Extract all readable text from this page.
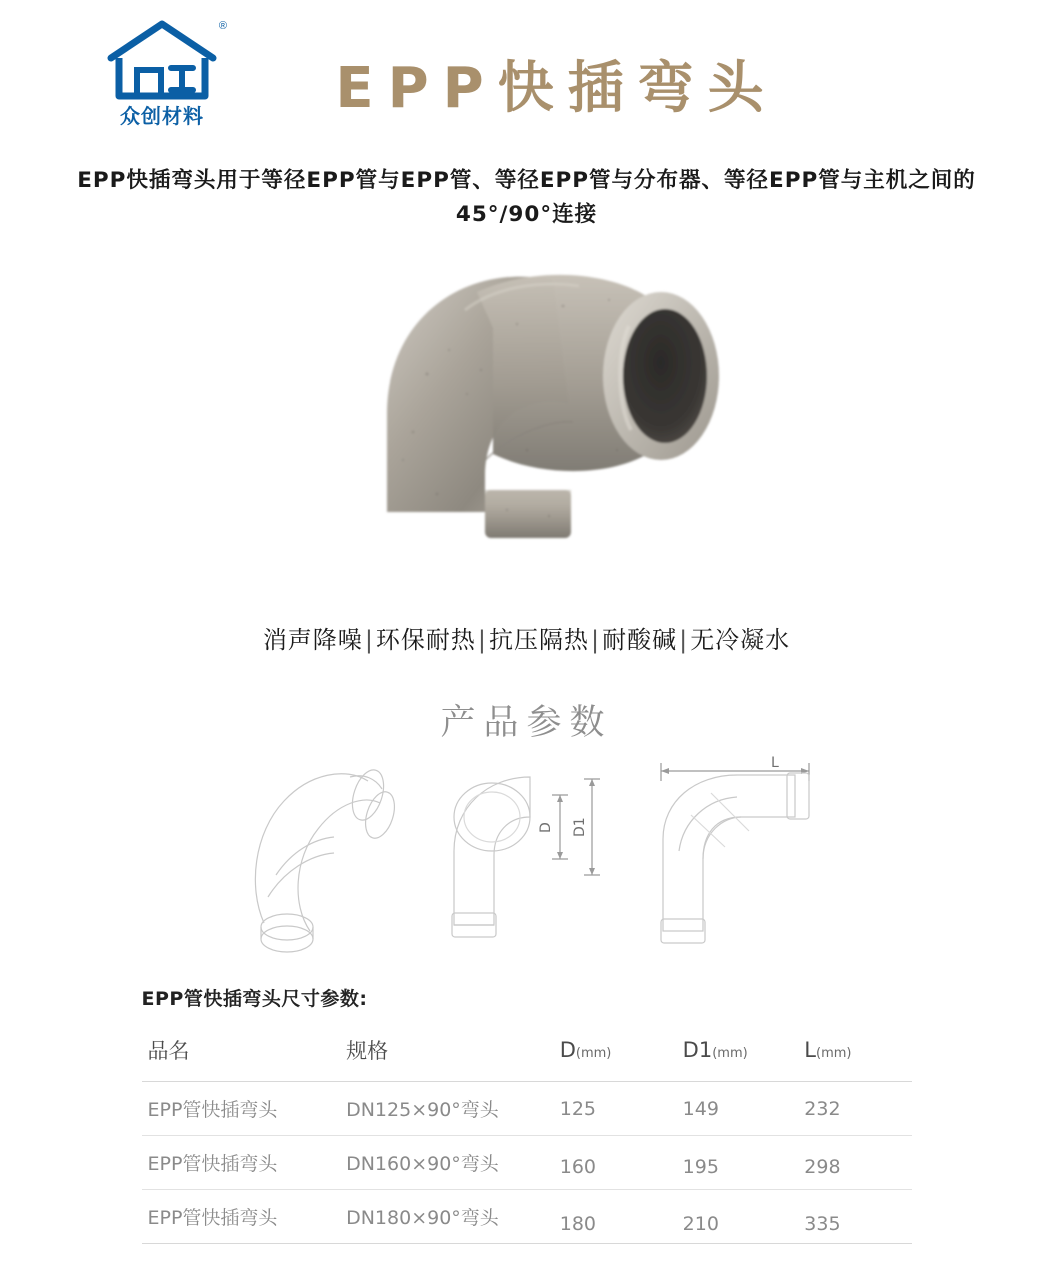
®
众创材料	EPP快插弯头
EPP快插弯头用于等径EPP管与EPP管、等径EPP管与分布器、等径EPP管与主机之间的45°/90°连接
消声降噪|环保耐热|抗压隔热|耐酸碱|无冷凝水
产品参数
D D1
L
EPP管快插弯头尺寸参数:
品名	规格	D(mm)	D1(mm)	L(mm)
EPP管快插弯头	DN125×90°弯头	125	149	232
EPP管快插弯头	DN160×90°弯头	160	195	298
EPP管快插弯头	DN180×90°弯头	180	210	335
